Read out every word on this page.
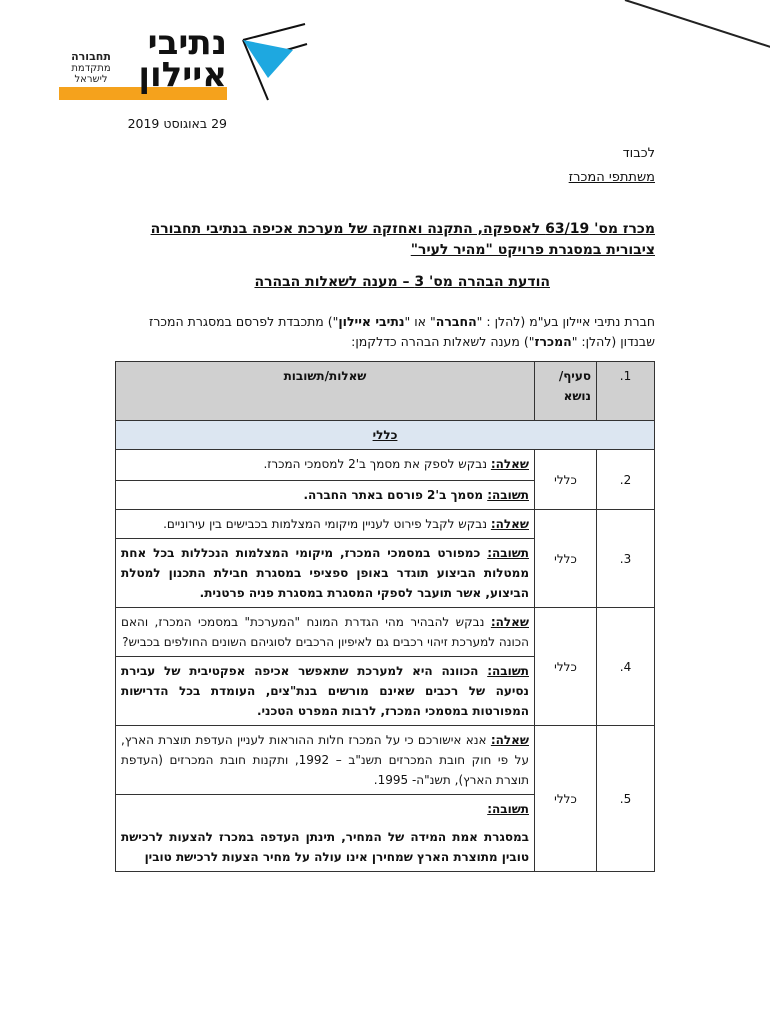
תחבורה
מתקדמת
לישראל
נתיבי
איילון
29 באוגוסט 2019
לכבוד
משתתפי המכרז
מכרז מס' 63/19 לאספקה, התקנה ואחזקה של מערכת אכיפה בנתיבי תחבורה ציבורית במסגרת פרויקט "מהיר לעיר"
הודעת הבהרה מס' 3 – מענה לשאלות הבהרה
חברת נתיבי איילון בע"מ (להלן : "החברה" או "נתיבי איילון") מתכבדת לפרסם במסגרת המכרז שבנדון (להלן: "המכרז") מענה לשאלות הבהרה כדלקמן:
1.	סעיף/ נושא	שאלות/תשובות
כללי		
2.	כללי	שאלה: נבקש לספק את מסמך ב'2 למסמכי המכרז.
		תשובה: מסמך ב'2 פורסם באתר החברה.
3.	כללי	שאלה: נבקש לקבל פירוט לעניין מיקומי המצלמות בכבישים בין עירוניים.
		תשובה: כמפורט במסמכי המכרז, מיקומי המצלמות הנכללות בכל אחת ממטלות הביצוע תוגדר באופן ספציפי במסגרת חבילת התכנון למטלת הביצוע, אשר תועבר לספקי המסגרת במסגרת פניה פרטנית.
4.	כללי	שאלה: נבקש להבהיר מהי הגדרת המונח "המערכת" במסמכי המכרז, והאם הכונה למערכת זיהוי רכבים גם לאיפיון הרכבים לסוגיהם השונים החולפים בכביש?
		תשובה: הכוונה היא למערכת שתאפשר אכיפה אפקטיבית של עבירת נסיעה של רכבים שאינם מורשים בנת"צים, העומדת בכל הדרישות המפורטות במסמכי המכרז, לרבות המפרט הטכני.
5.	כללי	שאלה: אנא אישורכם כי על המכרז חלות ההוראות לעניין העדפת תוצרת הארץ, על פי חוק חובת המכרזים תשנ"ב – 1992, ותקנות חובת המכרזים (העדפת תוצרת הארץ), תשנ"ה- 1995.

		תשובה:
במסגרת אמת המידה של המחיר, תינתן העדפה במכרז להצעות לרכישת טובין מתוצרת הארץ שמחירן אינו עולה על מחיר הצעות לרכישת טובין
